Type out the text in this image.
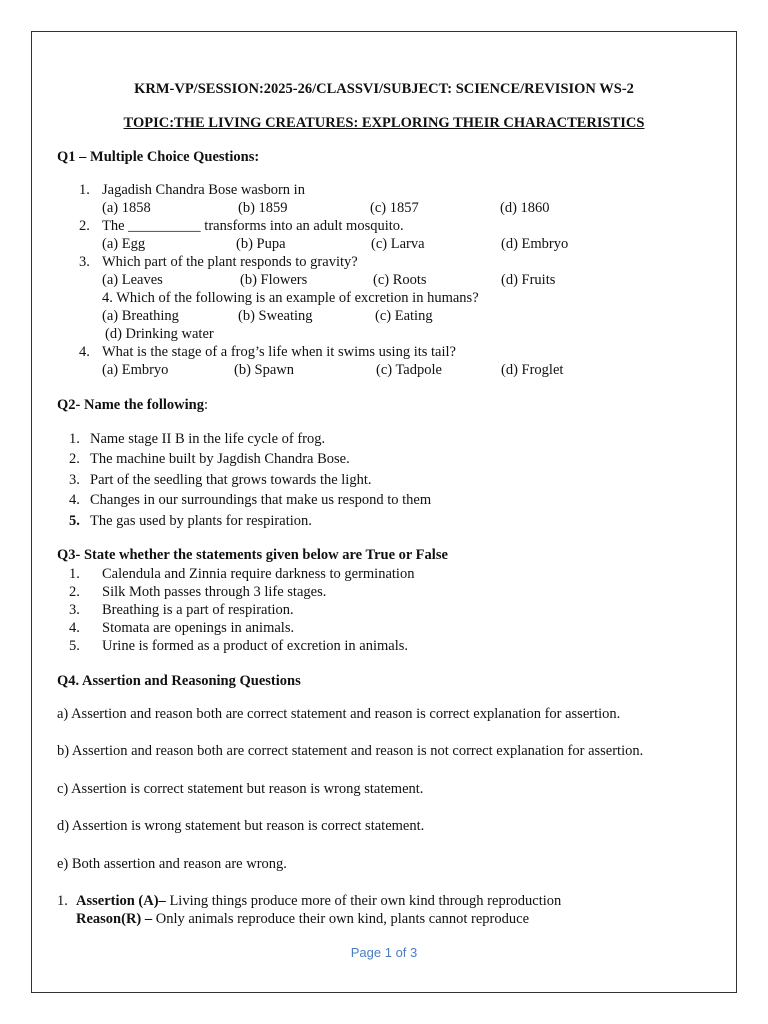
KRM-VP/SESSION:2025-26/CLASSVI/SUBJECT: SCIENCE/REVISION WS-2
TOPIC:THE LIVING CREATURES: EXPLORING THEIR CHARACTERISTICS
Q1 – Multiple Choice Questions:
1. Jagadish Chandra Bose wasborn in
(a) 1858	(b) 1859	(c) 1857	(d) 1860
2. The __________ transforms into an adult mosquito.
(a) Egg	(b) Pupa	(c) Larva	(d) Embryo
3. Which part of the plant responds to gravity?
(a) Leaves	(b) Flowers	(c) Roots	(d) Fruits
4. Which of the following is an example of excretion in humans?
(a) Breathing	(b) Sweating	(c) Eating
(d) Drinking water
4. What is the stage of a frog’s life when it swims using its tail?
(a) Embryo	(b) Spawn	(c) Tadpole	(d) Froglet
Q2- Name the following:
1. Name stage II B in the life cycle of frog.
2. The machine built by Jagdish Chandra Bose.
3. Part of the seedling that grows towards the light.
4. Changes in our surroundings that make us respond to them
5. The gas used by plants for respiration.
Q3- State whether the statements given below are True or False
1. Calendula and Zinnia require darkness to germination
2. Silk Moth passes through 3 life stages.
3. Breathing is a part of respiration.
4. Stomata are openings in animals.
5. Urine is formed as a product of excretion in animals.
Q4. Assertion and Reasoning Questions
a) Assertion and reason both are correct statement and reason is correct explanation for assertion.
b) Assertion and reason both are correct statement and reason is not correct explanation for assertion.
c) Assertion is correct statement but reason is wrong statement.
d) Assertion is wrong statement but reason is correct statement.
e) Both assertion and reason are wrong.
1. Assertion (A)– Living things produce more of their own kind through reproduction
Reason(R) – Only animals reproduce their own kind, plants cannot reproduce
Page 1 of 3
